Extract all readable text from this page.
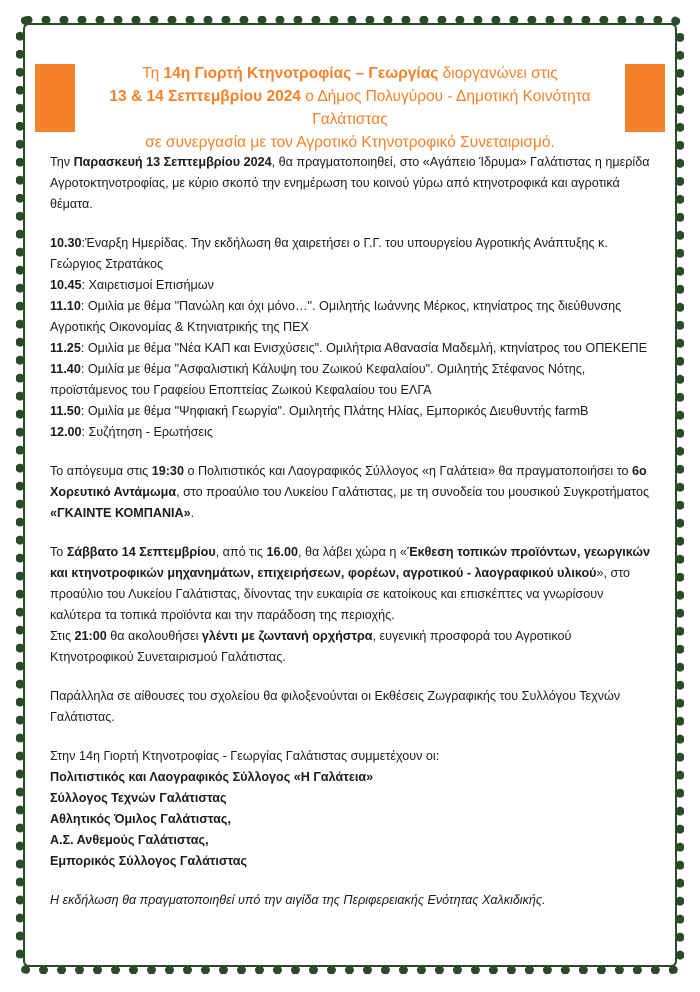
Τη 14η Γιορτή Κτηνοτροφίας – Γεωργίας διοργανώνει στις
13 & 14 Σεπτεμβρίου 2024 ο Δήμος Πολυγύρου - Δημοτική Κοινότητα Γαλάτιστας
σε συνεργασία με τον Αγροτικό Κτηνοτροφικό Συνεταιρισμό.

Την Παρασκευή 13 Σεπτεμβρίου 2024, θα πραγματοποιηθεί, στο «Αγάπειο Ίδρυμα» Γαλάτιστας η ημερίδα Αγροτοκτηνοτροφίας, με κύριο σκοπό την ενημέρωση του κοινού γύρω από κτηνοτροφικά και αγροτικά θέματα.

10.30:Έναρξη Ημερίδας. Την εκδήλωση θα χαιρετήσει ο Γ.Γ. του υπουργείου Αγροτικής Ανάπτυξης κ. Γεώργιος Στρατάκος

10.45: Χαιρετισμοί Επισήμων

11.10: Ομιλία με θέμα "Πανώλη και όχι μόνο…". Ομιλητής Ιωάννης Μέρκος, κτηνίατρος της διεύθυνσης Αγροτικής Οικονομίας & Κτηνιατρικής της ΠΕΧ

11.25: Ομιλία με θέμα "Νέα ΚΑΠ και Ενισχύσεις". Ομιλήτρια Αθανασία Μαδεμλή, κτηνίατρος του ΟΠΕΚΕΠΕ

11.40: Ομιλία με θέμα "Ασφαλιστική Κάλυψη του Ζωικού Κεφαλαίου". Ομιλητής Στέφανος Νότης, προϊστάμενος του Γραφείου Εποπτείας Ζωικού Κεφαλαίου του ΕΛΓΑ

11.50: Ομιλία με θέμα "Ψηφιακή Γεωργία". Ομιλητής Πλάτης Ηλίας, Εμπορικός Διευθυντής farmB

12.00: Συζήτηση - Ερωτήσεις

Το απόγευμα στις 19:30 ο Πολιτιστικός και Λαογραφικός Σύλλογος «η Γαλάτεια» θα πραγματοποιήσει το 6ο Χορευτικό Αντάμωμα, στο προαύλιο του Λυκείου Γαλάτιστας, με τη συνοδεία του μουσικού Συγκροτήματος «ΓΚΑΙΝΤΕ ΚΟΜΠΑΝΙΑ».

Το Σάββατο 14 Σεπτεμβρίου, από τις 16.00, θα λάβει χώρα η «Έκθεση τοπικών προϊόντων, γεωργικών και κτηνοτροφικών μηχανημάτων, επιχειρήσεων, φορέων, αγροτικού - λαογραφικού υλικού», στο προαύλιο του Λυκείου Γαλάτιστας, δίνοντας την ευκαιρία σε κατοίκους και επισκέπτες να γνωρίσουν καλύτερα τα τοπικά προϊόντα και την παράδοση της περιοχής.

Στις 21:00 θα ακολουθήσει γλέντι με ζωντανή ορχήστρα, ευγενική προσφορά του Αγροτικού Κτηνοτροφικού Συνεταιρισμού Γαλάτιστας.

Παράλληλα σε αίθουσες του σχολείου θα φιλοξενούνται οι Εκθέσεις Ζωγραφικής του Συλλόγου Τεχνών Γαλάτιστας.

Στην 14η Γιορτή Κτηνοτροφίας - Γεωργίας Γαλάτιστας συμμετέχουν οι:

Πολιτιστικός και Λαογραφικός Σύλλογος «Η Γαλάτεια»

Σύλλογος Τεχνών Γαλάτιστας

Αθλητικός Όμιλος Γαλάτιστας,

Α.Σ. Ανθεμούς Γαλάτιστας,

Εμπορικός Σύλλογος Γαλάτιστας

Η εκδήλωση θα πραγματοποιηθεί υπό την αιγίδα της Περιφερειακής Ενότητας Χαλκιδικής.
